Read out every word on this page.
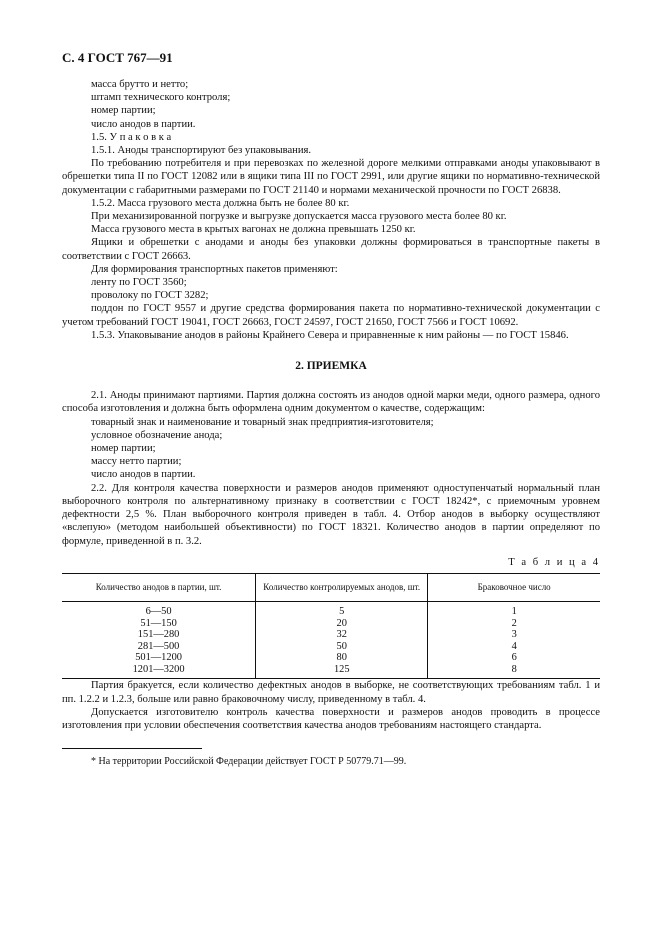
С. 4 ГОСТ 767—91

масса брутто и нетто;

штамп технического контроля;

номер партии;

число анодов в партии.

1.5. У п а к о в к а

1.5.1. Аноды транспортируют без упаковывания.

По требованию потребителя и при перевозках по железной дороге мелкими отправками аноды упаковывают в обрешетки типа II по ГОСТ 12082 или в ящики типа III по ГОСТ 2991, или другие ящики по нормативно-технической документации с габаритными размерами по ГОСТ 21140 и нормами механической прочности по ГОСТ 26838.

1.5.2. Масса грузового места должна быть не более 80 кг.

При механизированной погрузке и выгрузке допускается масса грузового места более 80 кг.

Масса грузового места в крытых вагонах не должна превышать 1250 кг.

Ящики и обрешетки с анодами и аноды без упаковки должны формироваться в транспортные пакеты в соответствии с ГОСТ 26663.

Для формирования транспортных пакетов применяют:

ленту по ГОСТ 3560;

проволоку по ГОСТ 3282;

поддон по ГОСТ 9557 и другие средства формирования пакета по нормативно-технической документации с учетом требований ГОСТ 19041, ГОСТ 26663, ГОСТ 24597, ГОСТ 21650, ГОСТ 7566 и ГОСТ 10692.

1.5.3. Упаковывание анодов в районы Крайнего Севера и приравненные к ним районы — по ГОСТ 15846.

2. ПРИЕМКА

2.1. Аноды принимают партиями. Партия должна состоять из анодов одной марки меди, одного размера, одного способа изготовления и должна быть оформлена одним документом о качестве, содержащим:

товарный знак и наименование и товарный знак предприятия-изготовителя;

условное обозначение анода;

номер партии;

массу нетто партии;

число анодов в партии.

2.2. Для контроля качества поверхности и размеров анодов применяют одноступенчатый нормальный план выборочного контроля по альтернативному признаку в соответствии с ГОСТ 18242*, с приемочным уровнем дефектности 2,5 %. План выборочного контроля приведен в табл. 4. Отбор анодов в выборку осуществляют «вслепую» (методом наибольшей объективности) по ГОСТ 18321. Количество анодов в партии определяют по формуле, приведенной в п. 3.2.

Т а б л и ц а 4
Количество анодов в партии, шт.	Количество контролируемых анодов, шт.	Браковочное число
6—50	5	1
51—150	20	2
151—280	32	3
281—500	50	4
501—1200	80	6
1201—3200	125	8

Партия бракуется, если количество дефектных анодов в выборке, не соответствующих требованиям табл. 1 и пп. 1.2.2 и 1.2.3, больше или равно браковочному числу, приведенному в табл. 4.

Допускается изготовителю контроль качества поверхности и размеров анодов проводить в процессе изготовления при условии обеспечения соответствия качества анодов требованиям настоящего стандарта.

* На территории Российской Федерации действует ГОСТ Р 50779.71—99.
